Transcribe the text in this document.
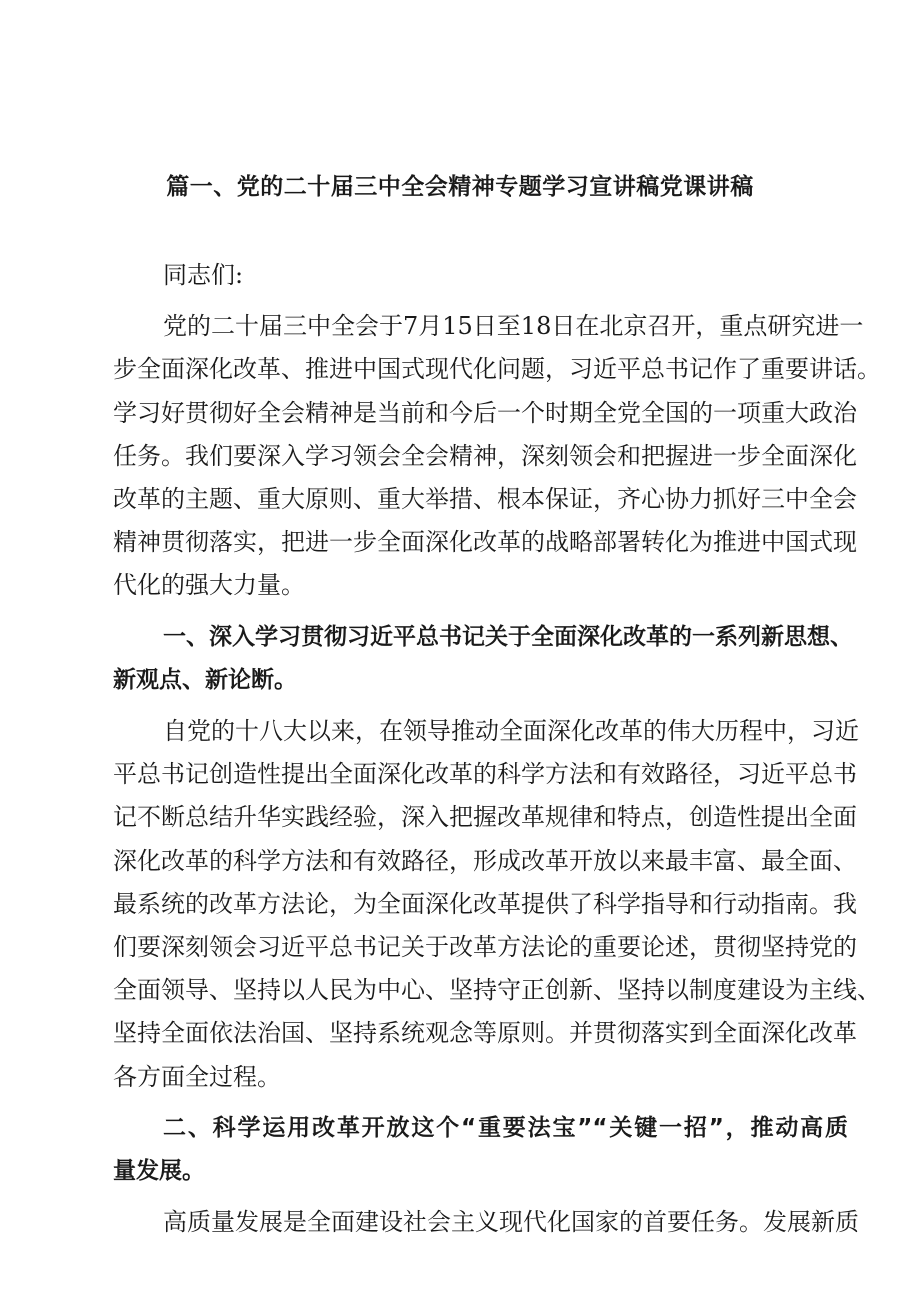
篇一、党的二十届三中全会精神专题学习宣讲稿党课讲稿
同志们:
党的二十届三中全会于7月15日至18日在北京召开，重点研究进一
步全面深化改革、推进中国式现代化问题，习近平总书记作了重要讲话。
学习好贯彻好全会精神是当前和今后一个时期全党全国的一项重大政治
任务。我们要深入学习领会全会精神，深刻领会和把握进一步全面深化
改革的主题、重大原则、重大举措、根本保证，齐心协力抓好三中全会
精神贯彻落实，把进一步全面深化改革的战略部署转化为推进中国式现
代化的强大力量。
一、深入学习贯彻习近平总书记关于全面深化改革的一系列新思想、
新观点、新论断。
自党的十八大以来，在领导推动全面深化改革的伟大历程中，习近
平总书记创造性提出全面深化改革的科学方法和有效路径，习近平总书
记不断总结升华实践经验，深入把握改革规律和特点，创造性提出全面
深化改革的科学方法和有效路径，形成改革开放以来最丰富、最全面、
最系统的改革方法论，为全面深化改革提供了科学指导和行动指南。我
们要深刻领会习近平总书记关于改革方法论的重要论述，贯彻坚持党的
全面领导、坚持以人民为中心、坚持守正创新、坚持以制度建设为主线、
坚持全面依法治国、坚持系统观念等原则。并贯彻落实到全面深化改革
各方面全过程。
二、科学运用改革开放这个“重要法宝”“关键一招”，推动高质
量发展。
高质量发展是全面建设社会主义现代化国家的首要任务。发展新质
